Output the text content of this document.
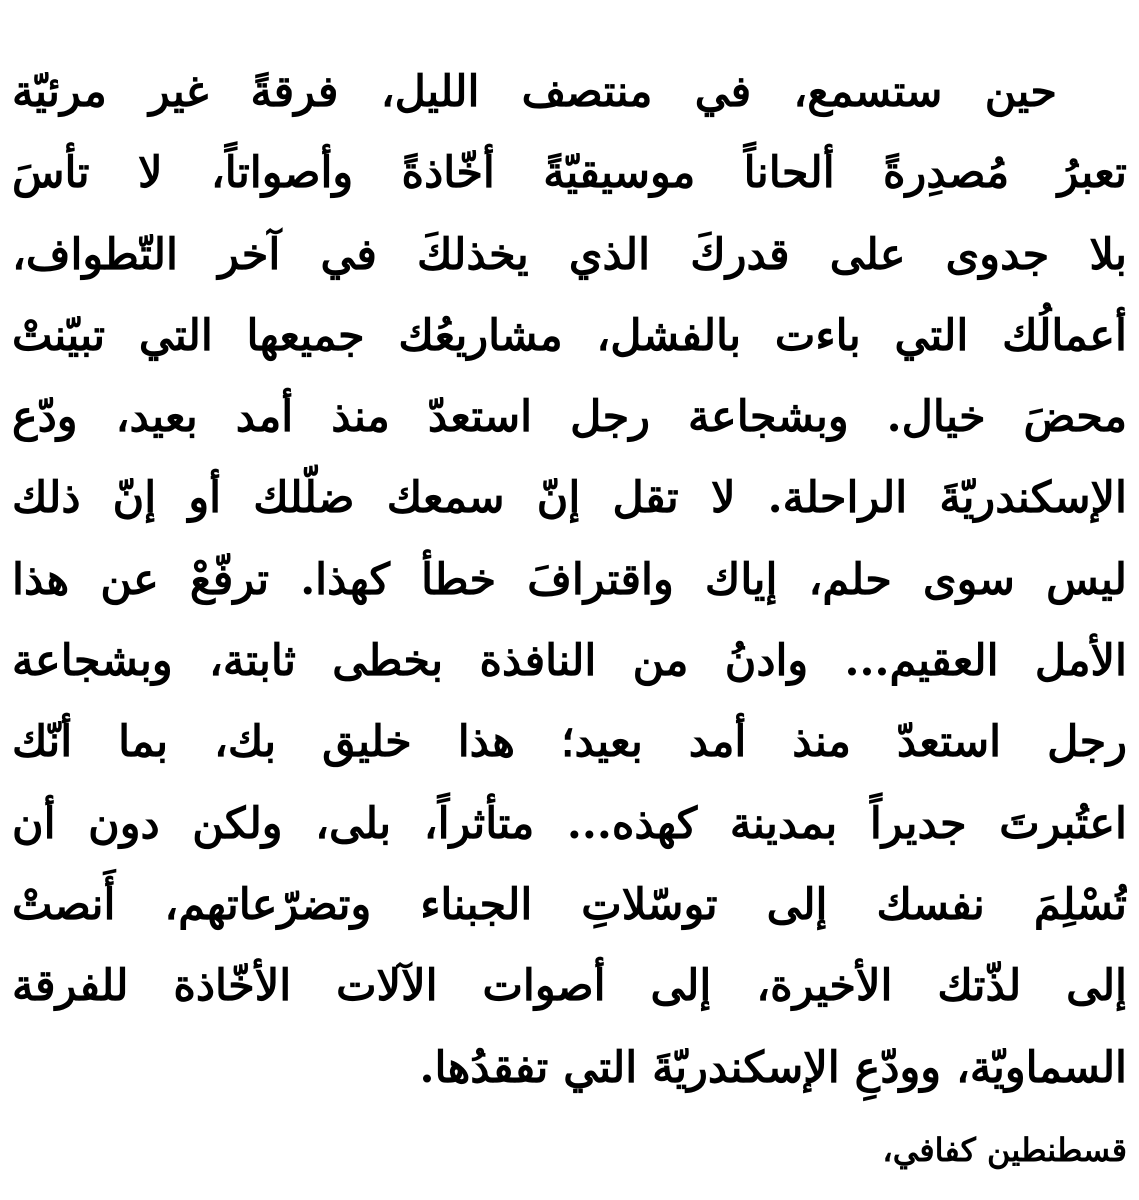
حين ستسمع، في منتصف الليل، فرقةً غير مرئيّة
تعبرُ مُصدِرةً ألحاناً موسيقيّةً أخّاذةً وأصواتاً، لا تأسَ
بلا جدوى على قدركَ الذي يخذلكَ في آخر التّطواف،
أعمالُك التي باءت بالفشل، مشاريعُك جميعها التي تبيّنتْ
محضَ خيال. وبشجاعة رجل استعدّ منذ أمد بعيد، ودّع
الإسكندريّةَ الراحلة. لا تقل إنّ سمعك ضلّلك أو إنّ ذلك
ليس سوى حلم، إياك واقترافَ خطأ كهذا. ترفّعْ عن هذا
الأمل العقيم... وادنُ من النافذة بخطى ثابتة، وبشجاعة
رجل استعدّ منذ أمد بعيد؛ هذا خليق بك، بما أنّك
اعتُبرتَ جديراً بمدينة كهذه... متأثراً، بلى، ولكن دون أن
تُسْلِمَ نفسك إلى توسّلاتِ الجبناء وتضرّعاتهم، أَنصتْ
إلى لذّتك الأخيرة، إلى أصوات الآلات الأخّاذة للفرقة
السماويّة، وودّعِ الإسكندريّةَ التي تفقدُها.
قسطنطين كفافي،
